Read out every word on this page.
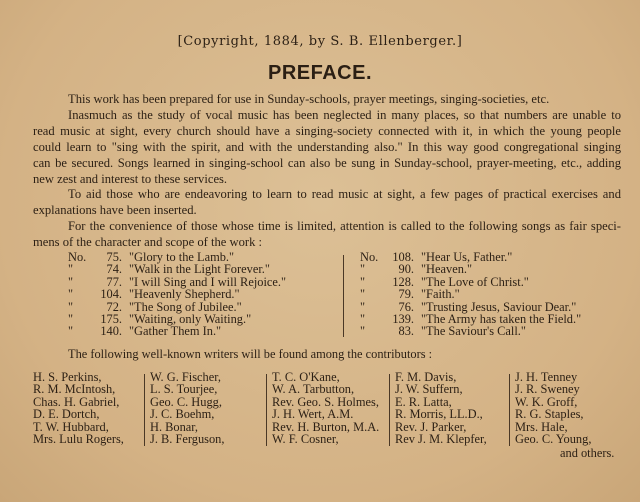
[Copyright, 1884, by S. B. Ellenberger.]
PREFACE.
This work has been prepared for use in Sunday-schools, prayer meetings, singing-societies, etc.
Inasmuch as the study of vocal music has been neglected in many places, so that numbers are unable to
read music at sight, every church should have a singing-society connected with it, in which the young people
could learn to "sing with the spirit, and with the understanding also." In this way good congregational singing
can be secured. Songs learned in singing-school can also be sung in Sunday-school, prayer-meeting, etc., adding
new zest and interest to these services.
To aid those who are endeavoring to learn to read music at sight, a few pages of practical exercises and
explanations have been inserted.
For the convenience of those whose time is limited, attention is called to the following songs as fair speci-
mens of the character and scope of the work :
No. 75. "Glory to the Lamb."
"	74. "Walk in the Light Forever."
"	77. "I will Sing and I will Rejoice."
" 104. "Heavenly Shepherd."
"	72. "The Song of Jubilee."
" 175. "Waiting, only Waiting."
" 140. "Gather Them In."
No. 108. "Hear Us, Father."
"	90. "Heaven."
" 128. "The Love of Christ."
"	79. "Faith."
"	76. "Trusting Jesus, Saviour Dear."
" 139. "The Army has taken the Field."
"	83. "The Saviour's Call."
The following well-known writers will be found among the contributors :
H. S. Perkins,
R. M. McIntosh,
Chas. H. Gabriel,
D. E. Dortch,
T. W. Hubbard,
Mrs. Lulu Rogers,
W. G. Fischer,
L. S. Tourjee,
Geo. C. Hugg,
J. C. Boehm,
H. Bonar,
J. B. Ferguson,
T. C. O'Kane,
W. A. Tarbutton,
Rev. Geo. S. Holmes,
J. H. Wert, A.M.
Rev. H. Burton, M.A.
W. F. Cosner,
F. M. Davis,
J. W. Suffern,
E. R. Latta,
R. Morris, LL.D.,
Rev. J. Parker,
Rev J. M. Klepfer,
J. H. Tenney
J. R. Sweney
W. K. Groff,
R. G. Staples,
Mrs. Hale,
Geo. C. Young,
and others.
